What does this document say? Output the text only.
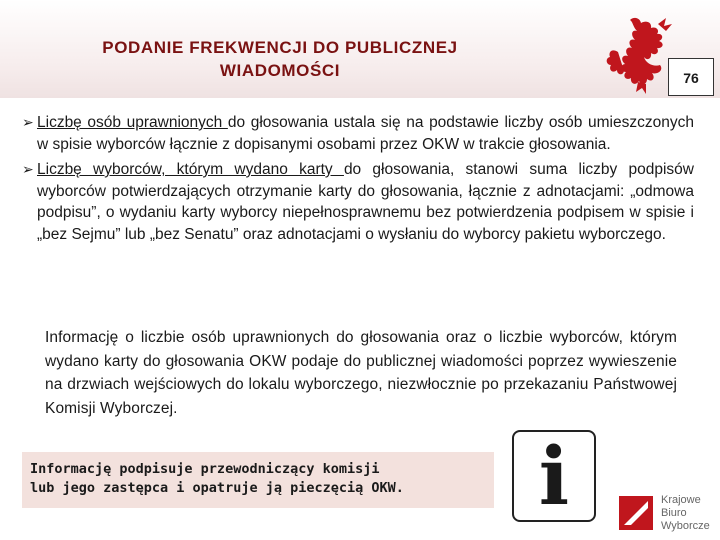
PODANIE FREKWENCJI DO PUBLICZNEJ
WIADOMOŚCI	76
➢ Liczbę osób uprawnionych do głosowania ustala się na podstawie liczby osób umieszczonych w spisie wyborców łącznie z dopisanymi osobami przez OKW w trakcie głosowania.
➢ Liczbę wyborców, którym wydano karty do głosowania, stanowi suma liczby podpisów wyborców potwierdzających otrzymanie karty do głosowania, łącznie z adnotacjami: „odmowa podpisu”, o wydaniu karty wyborcy niepełnosprawnemu bez potwierdzenia podpisem w spisie i „bez Sejmu” lub „bez Senatu” oraz adnotacjami o wysłaniu do wyborcy pakietu wyborczego.
Informację o liczbie osób uprawnionych do głosowania oraz o liczbie wyborców, którym wydano karty do głosowania OKW podaje do publicznej wiadomości poprzez wywieszenie na drzwiach wejściowych do lokalu wyborczego, niezwłocznie po przekazaniu Państwowej Komisji Wyborczej.
Informację podpisuje przewodniczący komisji
lub jego zastępca i opatruje ją pieczęcią OKW.	i	Krajowe
Biuro
Wyborcze
